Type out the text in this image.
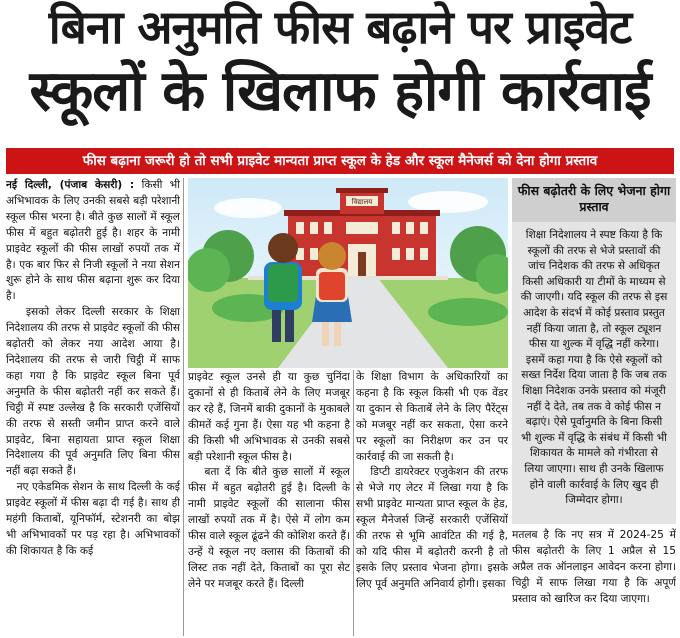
बिना अनुमति फीस बढ़ाने पर प्राइवेट
स्कूलों के खिलाफ होगी कार्रवाई
फीस बढ़ाना जरूरी हो तो सभी प्राइवेट मान्यता प्राप्त स्कूल के हेड और स्कूल मैनेजर्स को देना होगा प्रस्ताव

नई दिल्ली, (पंजाब केसरी) : किसी भी अभिभावक के लिए उनकी सबसे बड़ी परेशानी स्कूल फीस भरना है। बीते कुछ सालों में स्कूल फीस में बहुत बढ़ोतरी हुई है। शहर के नामी प्राइवेट स्कूलों की फीस लाखों रुपयों तक में है। एक बार फिर से निजी स्कूलों ने नया सेशन शुरू होने के साथ फीस बढ़ाना शुरू कर दिया है।

इसको लेकर दिल्ली सरकार के शिक्षा निदेशालय की तरफ से प्राइवेट स्कूलों की फीस बढ़ोतरी को लेकर नया आदेश आया है। निदेशालय की तरफ से जारी चिट्ठी में साफ कहा गया है कि प्राइवेट स्कूल बिना पूर्व अनुमति के फीस बढ़ोतरी नहीं कर सकते हैं। चिट्ठी में स्पष्ट उल्लेख है कि सरकारी एजेंसियों की तरफ से सस्ती जमीन प्राप्त करने वाले प्राइवेट, बिना सहायता प्राप्त स्कूल शिक्षा निदेशालय की पूर्व अनुमति लिए बिना फीस नहीं बढ़ा सकते हैं।

नए एकेडमिक सेशन के साथ दिल्ली के कई प्राइवेट स्कूलों में फीस बढ़ा दी गई है। साथ ही महंगी किताबों, यूनिफॉर्म, स्टेशनरी का बोझ भी अभिभावकों पर पड़ रहा है। अभिभावकों की शिकायत है कि कई

विद्यालय

प्राइवेट स्कूल उनसे ही या कुछ चुनिंदा दुकानों से ही किताबें लेने के लिए मजबूर कर रहे हैं, जिनमें बाकी दुकानों के मुकाबले कीमतें कई गुना हैं। ऐसा यह भी कहना है की किसी भी अभिभावक से उनकी सबसे बड़ी परेशानी स्कूल फीस है।

बता दें कि बीते कुछ सालों में स्कूल फीस में बहुत बढ़ोतरी हुई है। दिल्ली के नामी प्राइवेट स्कूलों की सालाना फीस लाखों रुपयों तक में है। ऐसे में लोग कम फीस वाले स्कूल ढूंढने की कोशिश करते हैं। उन्हें ये स्कूल नए क्लास की किताबों की लिस्ट तक नहीं देते, किताबों का पूरा सेट लेने पर मजबूर करते हैं। दिल्ली

के शिक्षा विभाग के अधिकारियों का कहना है कि स्कूल किसी भी एक वेंडर या दुकान से किताबें लेने के लिए पैरेंट्स को मजबूर नहीं कर सकता, ऐसा करने पर स्कूलों का निरीक्षण कर उन पर कार्रवाई की जा सकती है।

डिप्टी डायरेक्टर एजुकेशन की तरफ से भेजे गए लेटर में लिखा गया है कि सभी प्राइवेट मान्यता प्राप्त स्कूल के हेड, स्कूल मैनेजर्स जिन्हें सरकारी एजेंसियों की तरफ से भूमि आवंटित की गई है, को यदि फीस में बढ़ोतरी करनी है तो इसके लिए प्रस्ताव भेजना होगा। इसके लिए पूर्व अनुमति अनिवार्य होगी। इसका

फीस बढ़ोतरी के लिए भेजना होगा प्रस्ताव
शिक्षा निदेशालय ने स्पष्ट किया है कि स्कूलों की तरफ से भेजे प्रस्तावों की जांच निदेशक की तरफ से अधिकृत किसी अधिकारी या टीमों के माध्यम से की जाएगी। यदि स्कूल की तरफ से इस आदेश के संदर्भ में कोई प्रस्ताव प्रस्तुत नहीं किया जाता है, तो स्कूल ट्यूशन फीस या शुल्क में वृद्धि नहीं करेगा। इसमें कहा गया है कि ऐसे स्कूलों को सख्त निर्देश दिया जाता है कि जब तक शिक्षा निदेशक उनके प्रस्ताव को मंजूरी नहीं दे देते, तब तक वे कोई फीस न बढ़ाएं। ऐसे पूर्वानुमति के बिना किसी भी शुल्क में वृद्धि के संबंध में किसी भी शिकायत के मामले को गंभीरता से लिया जाएगा। साथ ही उनके खिलाफ होने वाली कार्रवाई के लिए खुद ही जिम्मेदार होगा।

मतलब है कि नए सत्र में 2024-25 में फीस बढ़ोतरी के लिए 1 अप्रैल से 15 अप्रैल तक ऑनलाइन आवेदन करना होगा। चिट्ठी में साफ लिखा गया है कि अपूर्ण प्रस्ताव को खारिज कर दिया जाएगा।
